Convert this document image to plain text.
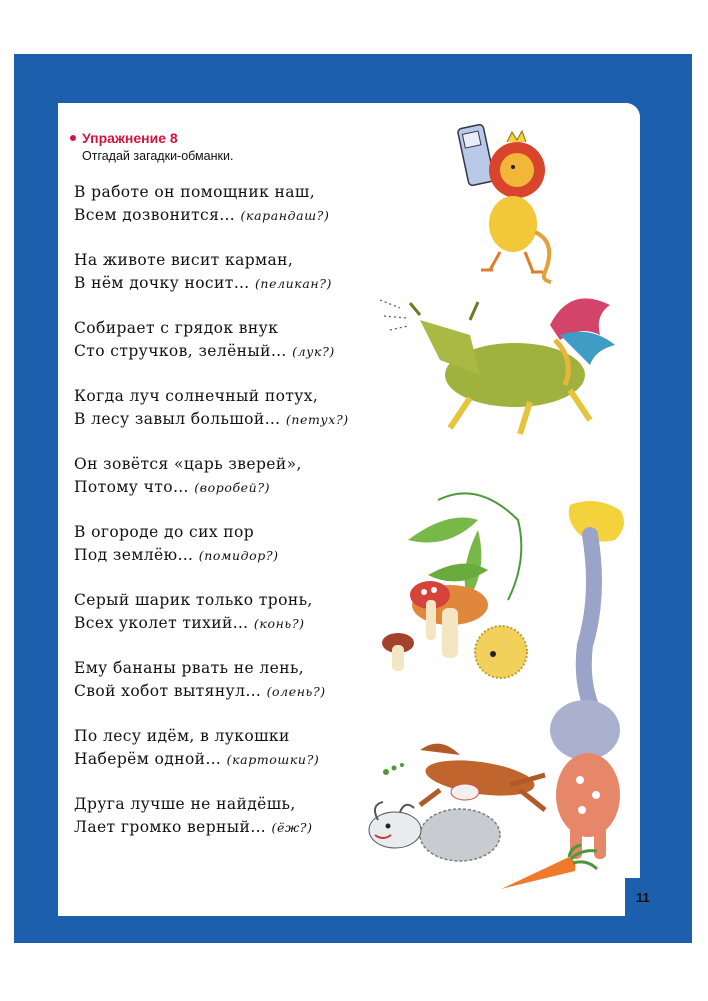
Упражнение 8
Отгадай загадки-обманки.
В работе он помощник наш,
Всем дозвонится… (карандаш?)
На животе висит карман,
В нём дочку носит… (пеликан?)
Собирает с грядок внук
Сто стручков, зелёный… (лук?)
Когда луч солнечный потух,
В лесу завыл большой… (петух?)
Он зовётся «царь зверей»,
Потому что… (воробей?)
В огороде до сих пор
Под землёю… (помидор?)
Серый шарик только тронь,
Всех уколет тихий… (конь?)
Ему бананы рвать не лень,
Свой хобот вытянул… (олень?)
По лесу идём, в лукошки
Наберём одной… (картошки?)
Друга лучше не найдёшь,
Лает громко верный… (ёж?)
11
